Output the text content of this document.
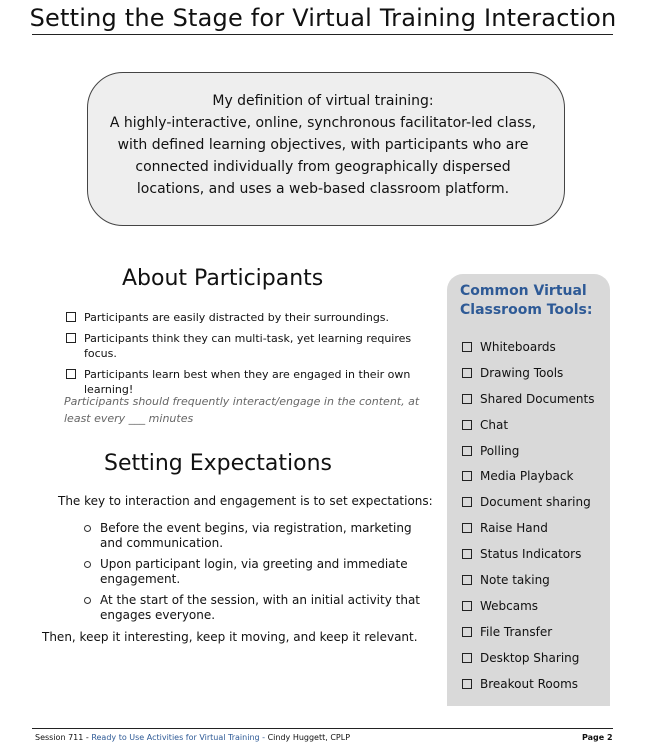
Setting the Stage for Virtual Training Interaction
My definition of virtual training:
A highly-interactive, online, synchronous facilitator-led class,
with defined learning objectives, with participants who are
connected individually from geographically dispersed
locations, and uses a web-based classroom platform.
About Participants
Participants are easily distracted by their surroundings.
Participants think they can multi-task, yet learning requires focus.
Participants learn best when they are engaged in their own learning!
Participants should frequently interact/engage in the content, at least every ___ minutes
Setting Expectations
The key to interaction and engagement is to set expectations:
Before the event begins, via registration, marketing and communication.
Upon participant login, via greeting and immediate engagement.
At the start of the session, with an initial activity that engages everyone.
Then, keep it interesting, keep it moving, and keep it relevant.
Common Virtual
Classroom Tools:
Whiteboards
Drawing Tools
Shared Documents
Chat
Polling
Media Playback
Document sharing
Raise Hand
Status Indicators
Note taking
Webcams
File Transfer
Desktop Sharing
Breakout Rooms
Session 711 - Ready to Use Activities for Virtual Training - Cindy Huggett, CPLP	Page 2
